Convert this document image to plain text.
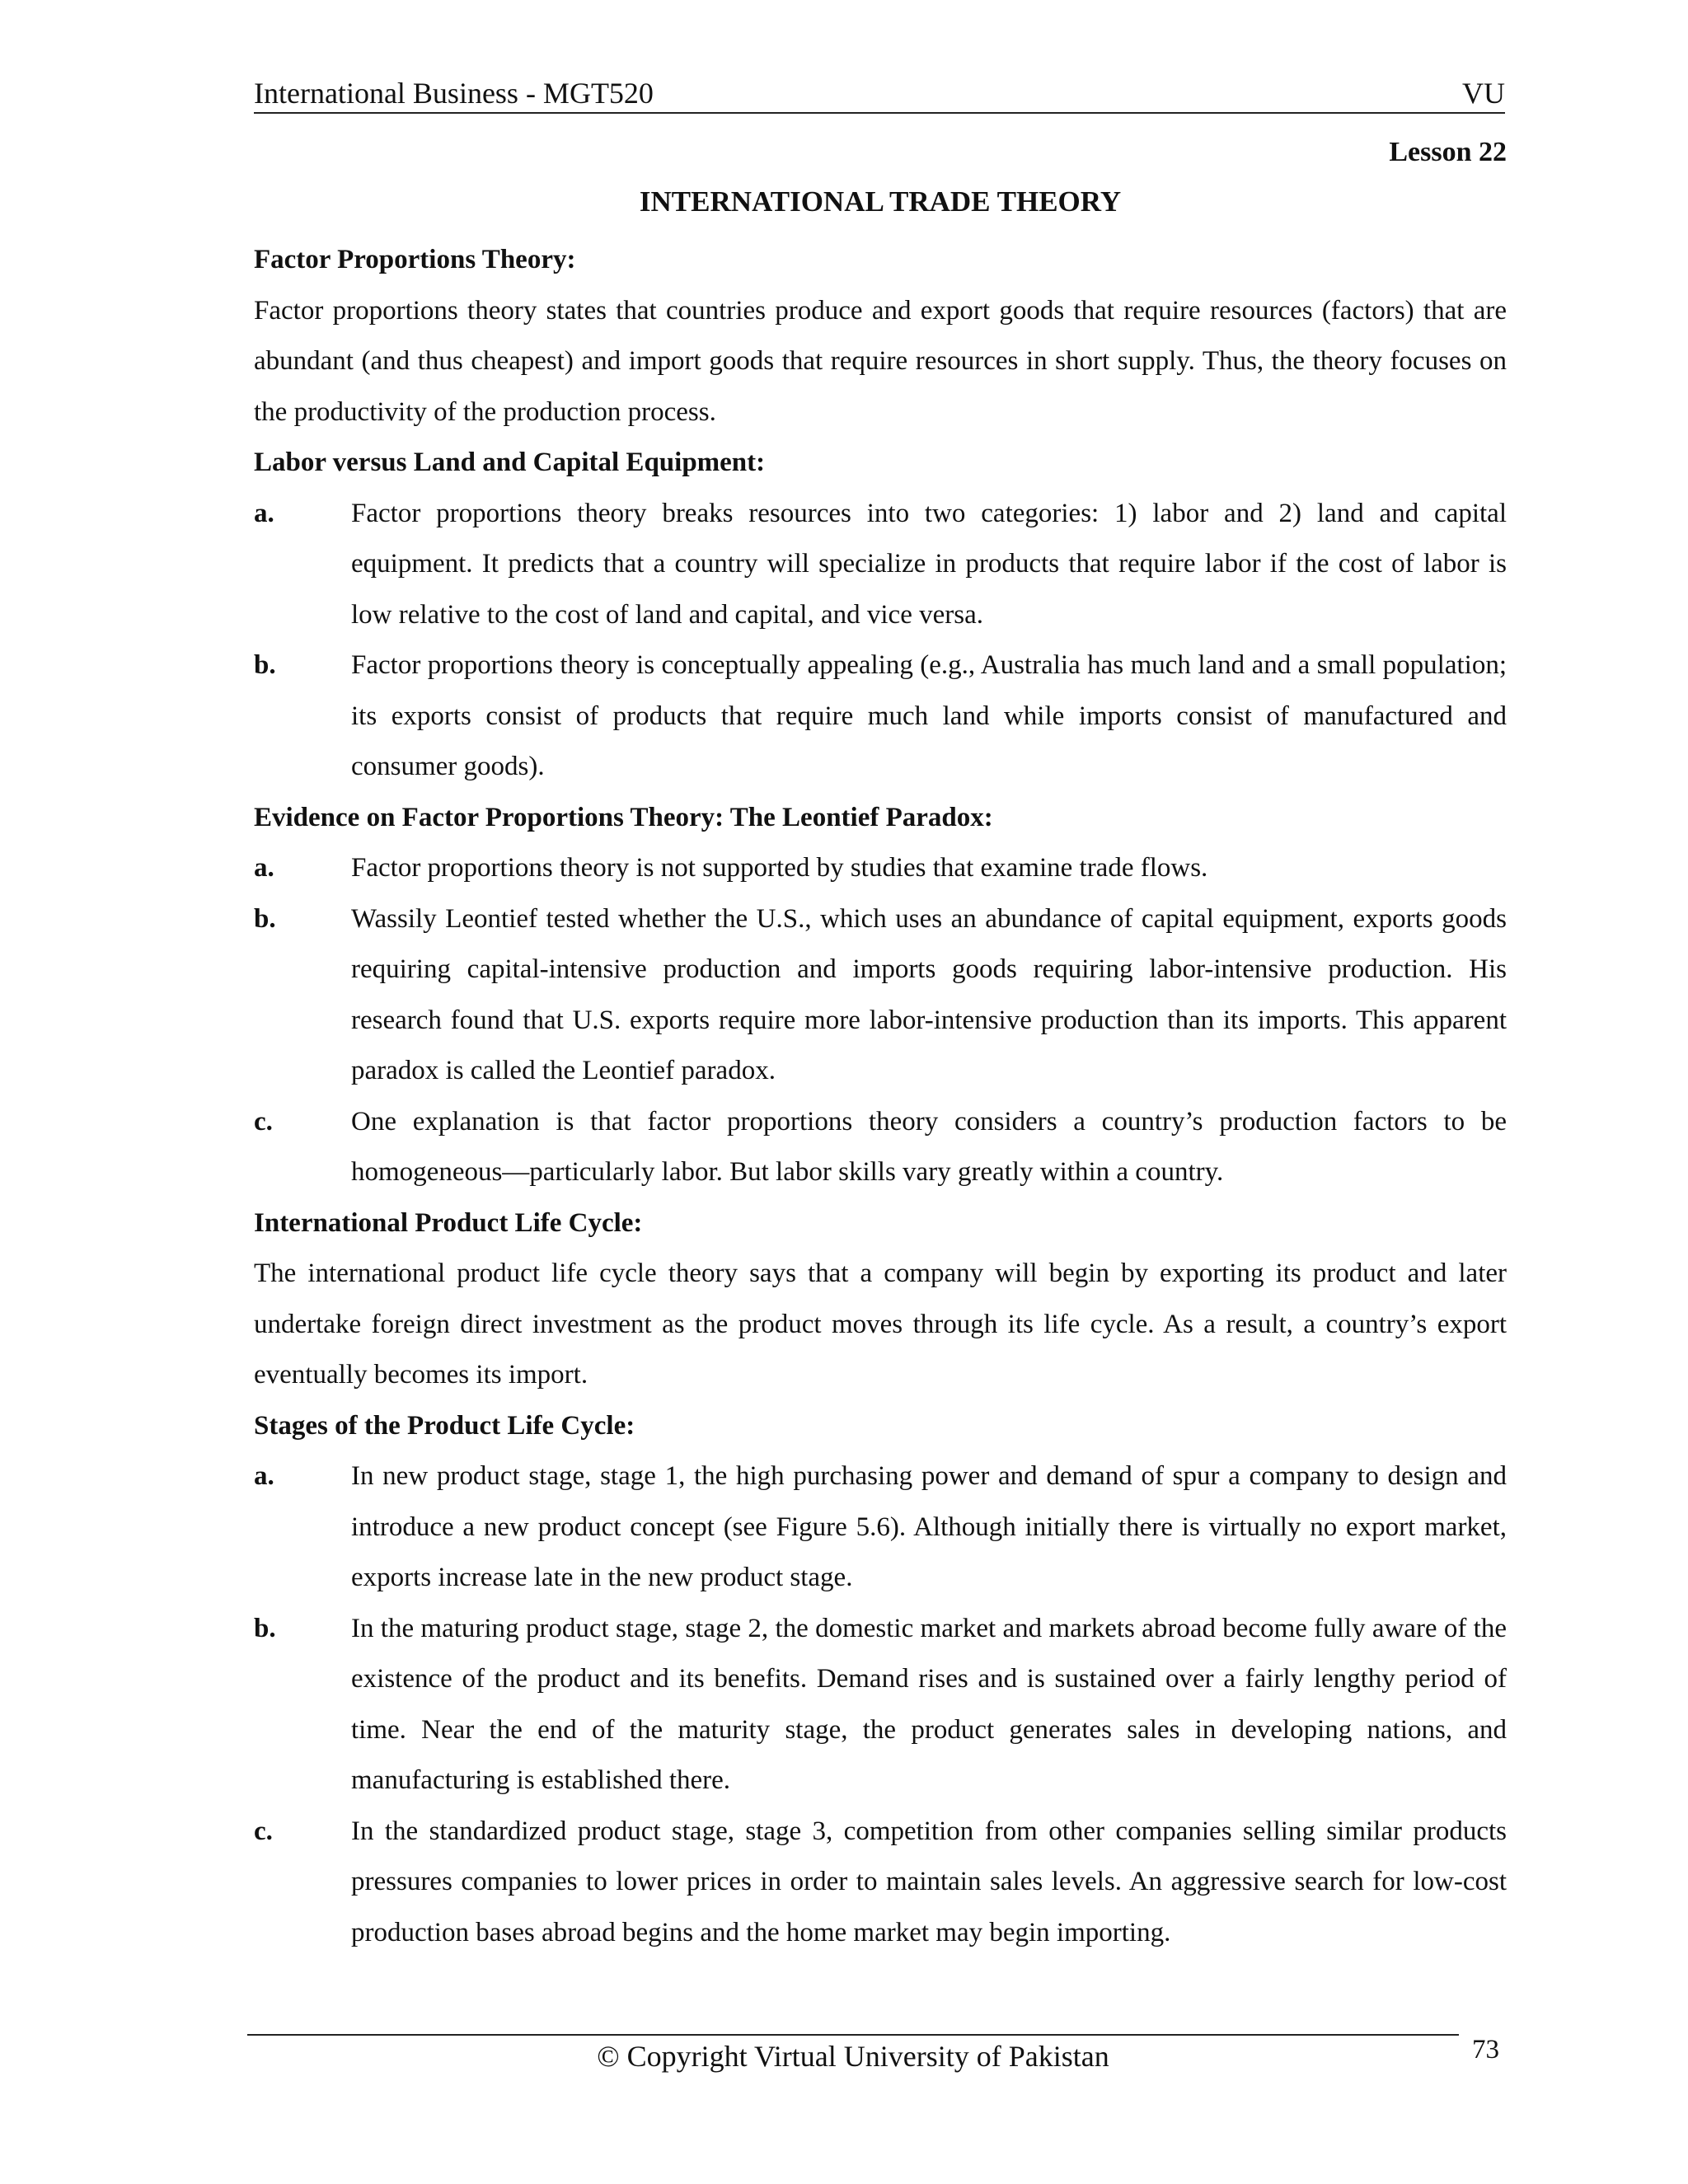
International Business - MGT520	VU
Lesson 22
INTERNATIONAL TRADE THEORY
Factor Proportions Theory:

Factor proportions theory states that countries produce and export goods that require resources (factors) that are abundant (and thus cheapest) and import goods that require resources in short supply. Thus, the theory focuses on the productivity of the production process.

Labor versus Land and Capital Equipment:
a.	Factor proportions theory breaks resources into two categories: 1) labor and 2) land and capital equipment. It predicts that a country will specialize in products that require labor if the cost of labor is low relative to the cost of land and capital, and vice versa.
b.	Factor proportions theory is conceptually appealing (e.g., Australia has much land and a small population; its exports consist of products that require much land while imports consist of manufactured and consumer goods).
Evidence on Factor Proportions Theory: The Leontief Paradox:
a.	Factor proportions theory is not supported by studies that examine trade flows.
b.	Wassily Leontief tested whether the U.S., which uses an abundance of capital equipment, exports goods requiring capital-intensive production and imports goods requiring labor-intensive production. His research found that U.S. exports require more labor-intensive production than its imports. This apparent paradox is called the Leontief paradox.
c.	One explanation is that factor proportions theory considers a country’s production factors to be homogeneous—particularly labor. But labor skills vary greatly within a country.
International Product Life Cycle:

The international product life cycle theory says that a company will begin by exporting its product and later undertake foreign direct investment as the product moves through its life cycle. As a result, a country’s export eventually becomes its import.

Stages of the Product Life Cycle:
a.	In new product stage, stage 1, the high purchasing power and demand of spur a company to design and introduce a new product concept (see Figure 5.6). Although initially there is virtually no export market, exports increase late in the new product stage.
b.	In the maturing product stage, stage 2, the domestic market and markets abroad become fully aware of the existence of the product and its benefits. Demand rises and is sustained over a fairly lengthy period of time. Near the end of the maturity stage, the product generates sales in developing nations, and manufacturing is established there.
c.	In the standardized product stage, stage 3, competition from other companies selling similar products pressures companies to lower prices in order to maintain sales levels. An aggressive search for low-cost production bases abroad begins and the home market may begin importing.
© Copyright Virtual University of Pakistan	73
